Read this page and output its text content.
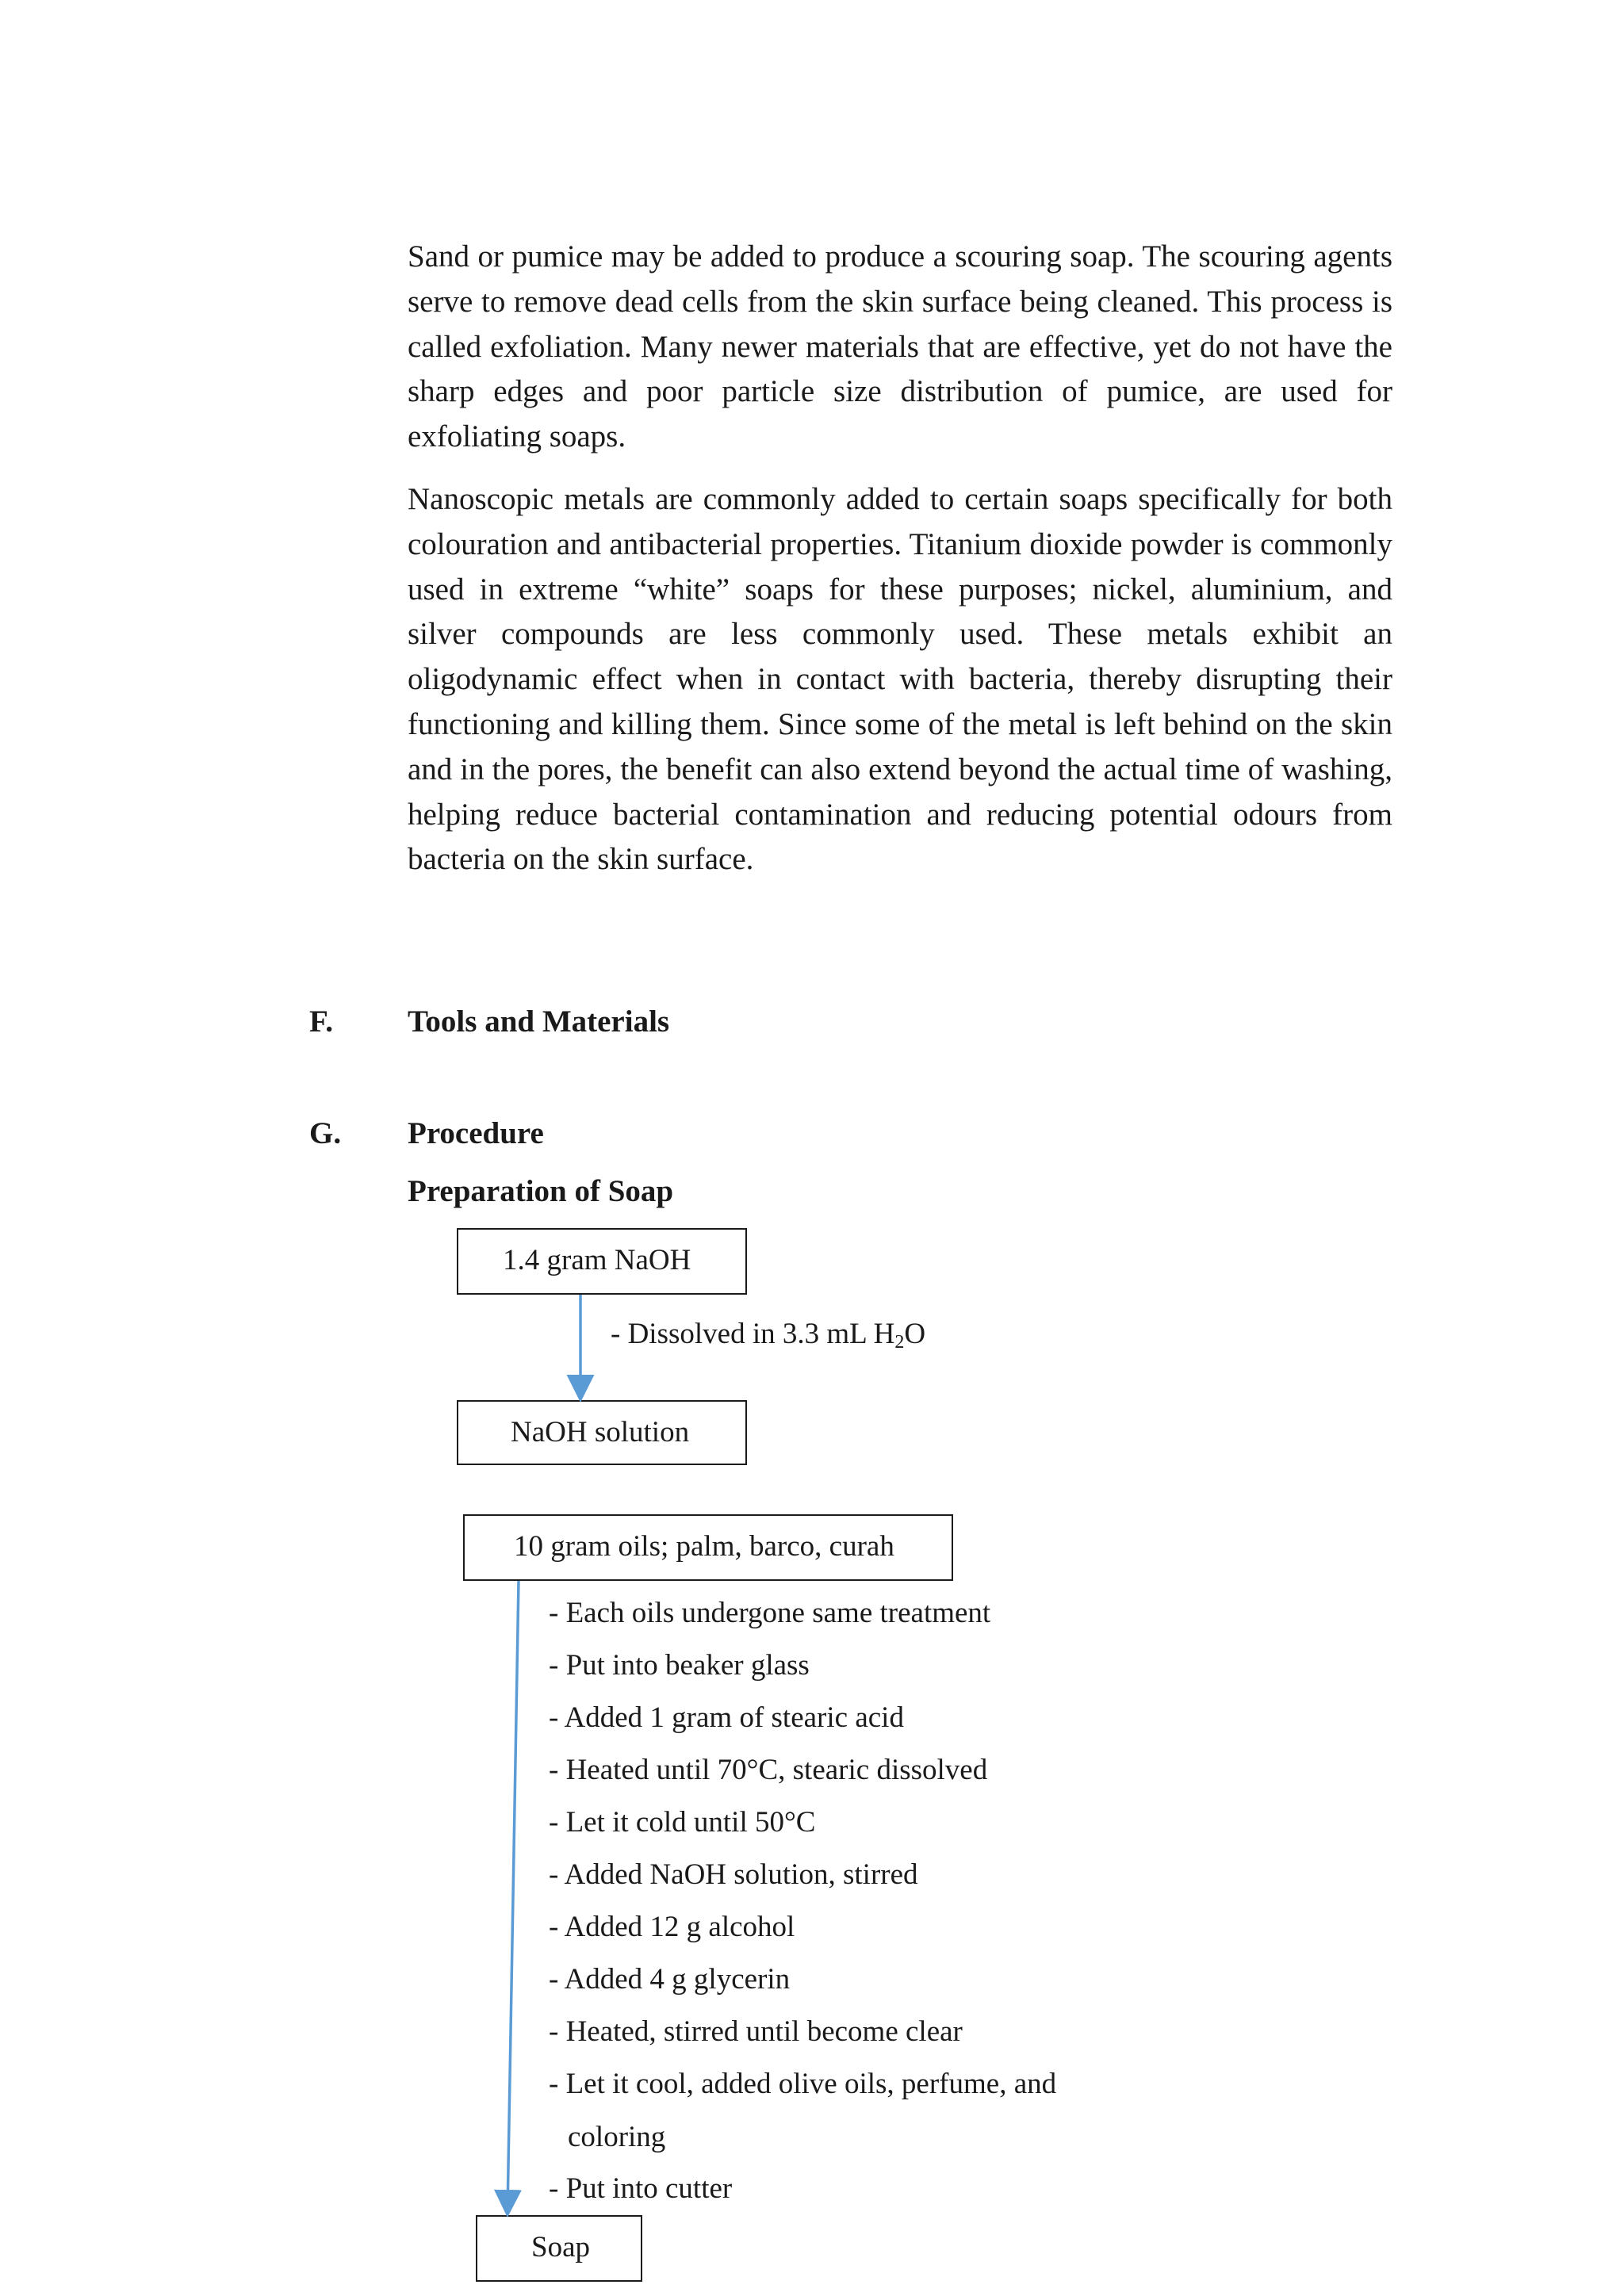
Sand or pumice may be added to produce a scouring soap. The scouring agents serve to remove dead cells from the skin surface being cleaned. This process is called exfoliation. Many newer materials that are effective, yet do not have the sharp edges and poor particle size distribution of pumice, are used for exfoliating soaps.

Nanoscopic metals are commonly added to certain soaps specifically for both colouration and antibacterial properties. Titanium dioxide powder is commonly used in extreme “white” soaps for these purposes; nickel, aluminium, and silver compounds are less commonly used. These metals exhibit an oligodynamic effect when in contact with bacteria, thereby disrupting their functioning and killing them. Since some of the metal is left behind on the skin and in the pores, the benefit can also extend beyond the actual time of washing, helping reduce bacterial contamination and reducing potential odours from bacteria on the skin surface.

F. Tools and Materials
G. Procedure
Preparation of Soap
1.4 gram NaOH
- Dissolved in 3.3 mL $H_2O$
NaOH solution
10 gram oils; palm, barco, curah
- Each oils undergone same treatment
- Put into beaker glass
- Added 1 gram of stearic acid
- Heated until 70°C, stearic dissolved
- Let it cold until 50°C
- Added NaOH solution, stirred
- Added 12 g alcohol
- Added 4 g glycerin
- Heated, stirred until become clear
- Let it cool, added olive oils, perfume, and
coloring
- Put into cutter
Soap
